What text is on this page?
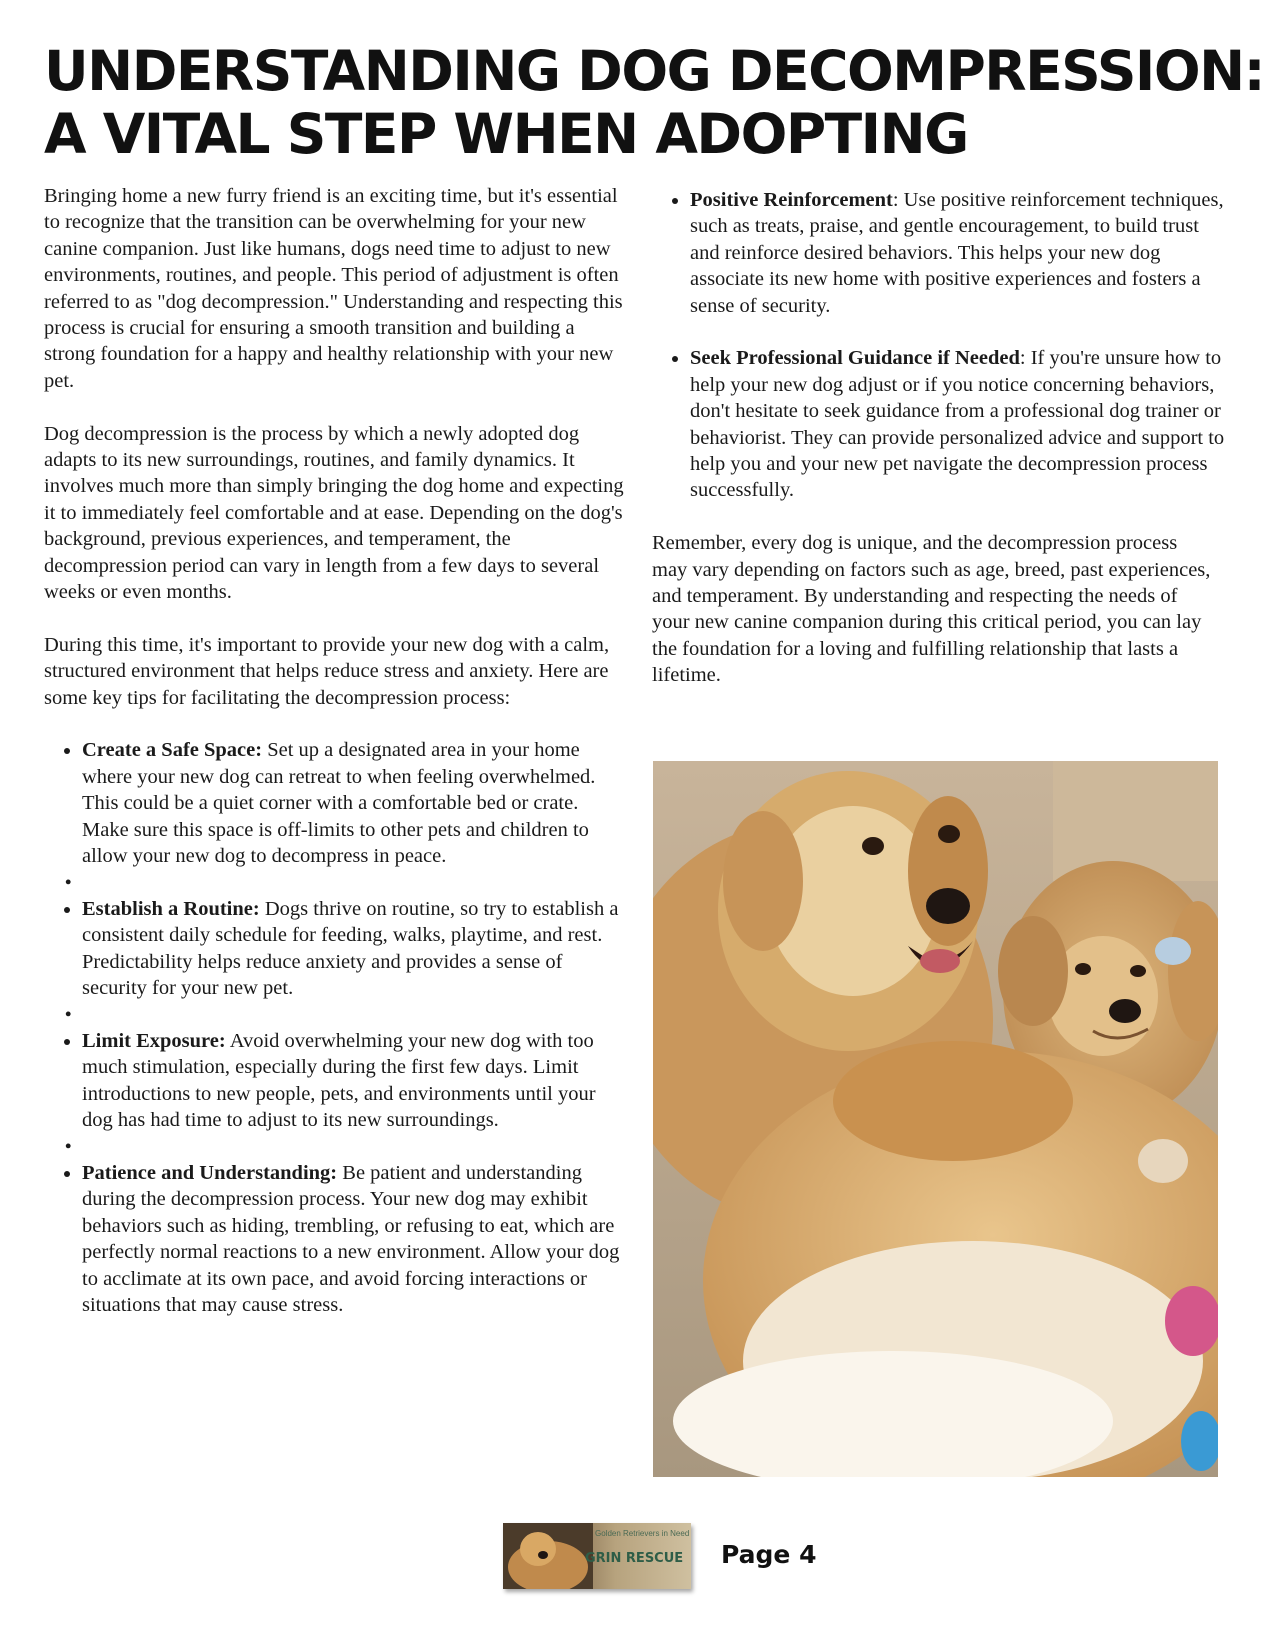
UNDERSTANDING DOG DECOMPRESSION:
A VITAL STEP WHEN ADOPTING

Bringing home a new furry friend is an exciting time, but it's essential to recognize that the transition can be overwhelming for your new canine companion. Just like humans, dogs need time to adjust to new environments, routines, and people. This period of adjustment is often referred to as "dog decompression." Understanding and respecting this process is crucial for ensuring a smooth transition and building a strong foundation for a happy and healthy relationship with your new pet.

Dog decompression is the process by which a newly adopted dog adapts to its new surroundings, routines, and family dynamics. It involves much more than simply bringing the dog home and expecting it to immediately feel comfortable and at ease. Depending on the dog's background, previous experiences, and temperament, the decompression period can vary in length from a few days to several weeks or even months.

During this time, it's important to provide your new dog with a calm, structured environment that helps reduce stress and anxiety. Here are some key tips for facilitating the decompression process:

• Create a Safe Space: Set up a designated area in your home where your new dog can retreat to when feeling overwhelmed. This could be a quiet corner with a comfortable bed or crate. Make sure this space is off-limits to other pets and children to allow your new dog to decompress in peace.
•
• Establish a Routine: Dogs thrive on routine, so try to establish a consistent daily schedule for feeding, walks, playtime, and rest. Predictability helps reduce anxiety and provides a sense of security for your new pet.
•
• Limit Exposure: Avoid overwhelming your new dog with too much stimulation, especially during the first few days. Limit introductions to new people, pets, and environments until your dog has had time to adjust to its new surroundings.
•
• Patience and Understanding: Be patient and understanding during the decompression process. Your new dog may exhibit behaviors such as hiding, trembling, or refusing to eat, which are perfectly normal reactions to a new environment. Allow your dog to acclimate at its own pace, and avoid forcing interactions or situations that may cause stress.
• Positive Reinforcement: Use positive reinforcement techniques, such as treats, praise, and gentle encouragement, to build trust and reinforce desired behaviors. This helps your new dog associate its new home with positive experiences and fosters a sense of security.
• Seek Professional Guidance if Needed: If you're unsure how to help your new dog adjust or if you notice concerning behaviors, don't hesitate to seek guidance from a professional dog trainer or behaviorist. They can provide personalized advice and support to help you and your new pet navigate the decompression process successfully.

Remember, every dog is unique, and the decompression process may vary depending on factors such as age, breed, past experiences, and temperament. By understanding and respecting the needs of your new canine companion during this critical period, you can lay the foundation for a loving and fulfilling relationship that lasts a lifetime.

Golden Retrievers in Need
GRIN RESCUE Page 4
